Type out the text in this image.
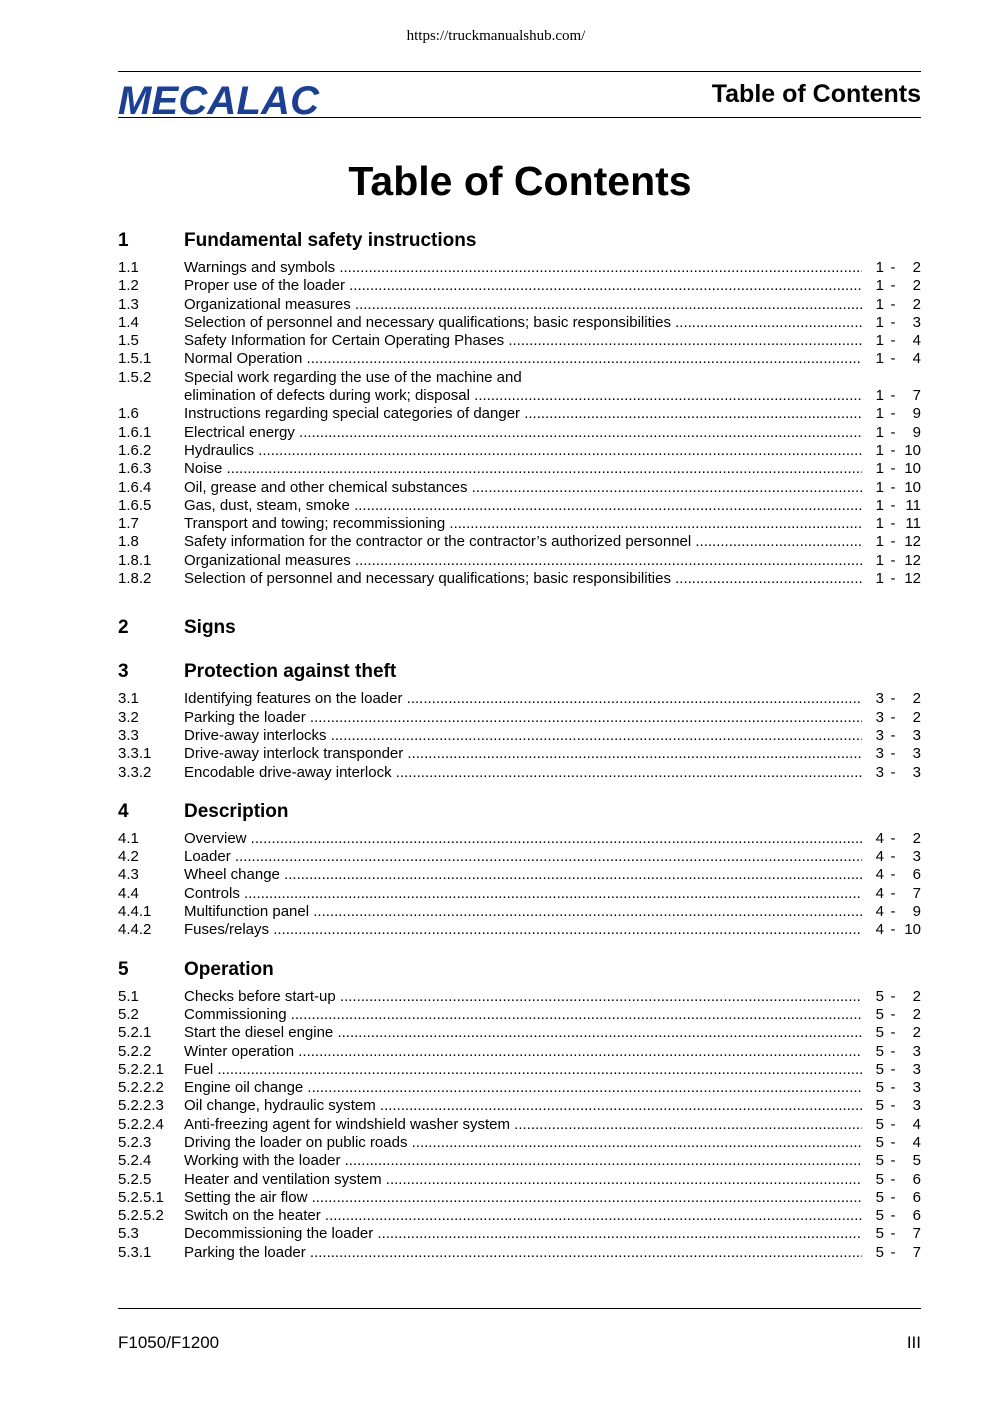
https://truckmanualshub.com/
MECALAC	Table of Contents
Table of Contents
1	Fundamental safety instructions
1.1	Warnings and symbols .....	1 -	2
1.2	Proper use of the loader .....	1 -	2
1.3	Organizational measures .....	1 -	2
1.4	Selection of personnel and necessary qualifications; basic responsibilities .....	1 -	3
1.5	Safety Information for Certain Operating Phases .....	1 -	4
1.5.1	Normal Operation .....	1 -	4
1.5.2	Special work regarding the use of the machine and
elimination of defects during work; disposal .....	1 -	7
1.6	Instructions regarding special categories of danger .....	1 -	9
1.6.1	Electrical energy .....	1 -	9
1.6.2	Hydraulics .....	1 - 10
1.6.3	Noise .....	1 - 10
1.6.4	Oil, grease and other chemical substances .....	1 - 10
1.6.5	Gas, dust, steam, smoke .....	1 - 11
1.7	Transport and towing; recommissioning .....	1 - 11
1.8	Safety information for the contractor or the contractor’s authorized personnel .....	1 - 12
1.8.1	Organizational measures .....	1 - 12
1.8.2	Selection of personnel and necessary qualifications; basic responsibilities .....	1 - 12
2	Signs
3	Protection against theft
3.1	Identifying features on the loader .....	3 -	2
3.2	Parking the loader .....	3 -	2
3.3	Drive-away interlocks .....	3 -	3
3.3.1	Drive-away interlock transponder .....	3 -	3
3.3.2	Encodable drive-away interlock .....	3 -	3
4	Description
4.1	Overview .....	4 -	2
4.2	Loader .....	4 -	3
4.3	Wheel change .....	4 -	6
4.4	Controls .....	4 -	7
4.4.1	Multifunction panel .....	4 -	9
4.4.2	Fuses/relays .....	4 - 10
5	Operation
5.1	Checks before start-up .....	5 -	2
5.2	Commissioning .....	5 -	2
5.2.1	Start the diesel engine .....	5 -	2
5.2.2	Winter operation .....	5 -	3
5.2.2.1	Fuel .....	5 -	3
5.2.2.2	Engine oil change .....	5 -	3
5.2.2.3	Oil change, hydraulic system .....	5 -	3
5.2.2.4	Anti-freezing agent for windshield washer system .....	5 -	4
5.2.3	Driving the loader on public roads .....	5 -	4
5.2.4	Working with the loader .....	5 -	5
5.2.5	Heater and ventilation system .....	5 -	6
5.2.5.1	Setting the air flow .....	5 -	6
5.2.5.2	Switch on the heater .....	5 -	6
5.3	Decommissioning the loader .....	5 -	7
5.3.1	Parking the loader .....	5 -	7
F1050/F1200	III
